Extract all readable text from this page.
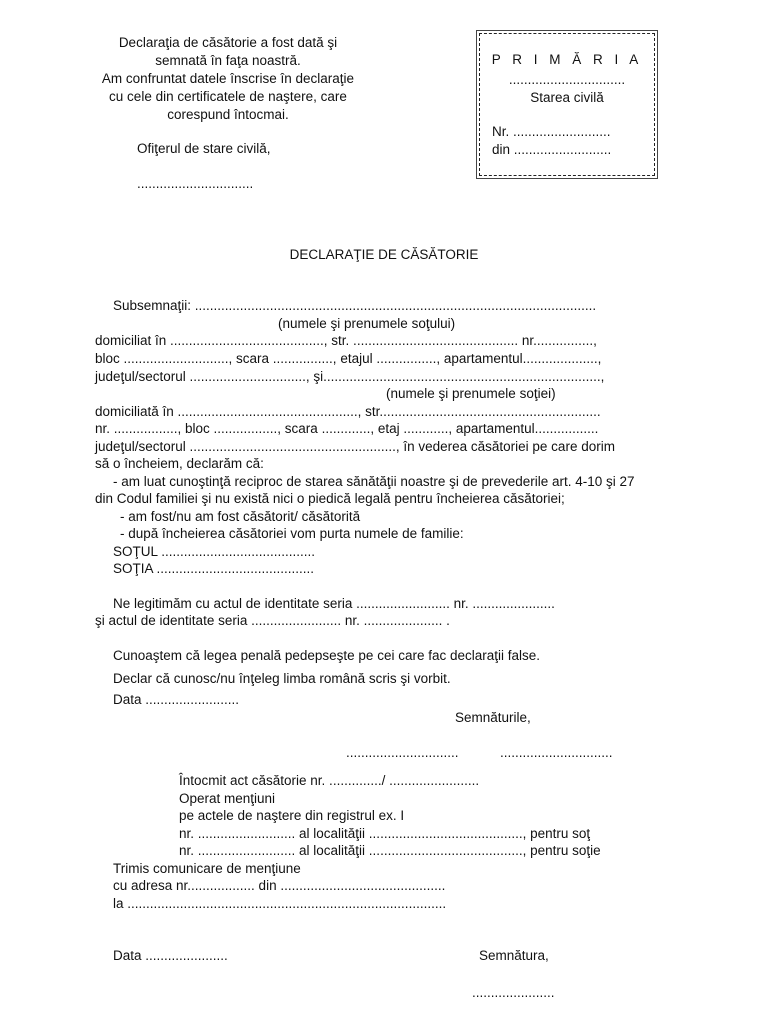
Declaraţia de căsătorie a fost dată şi
semnată în faţa noastră.
Am confruntat datele înscrise în declaraţie
cu cele din certificatele de naştere, care
corespund întocmai.
Ofiţerul de stare civilă,
...............................
P R I M Ă R I A
...............................
Starea civilă
Nr. ..........................
din ..........................
DECLARAŢIE DE CĂSĂTORIE
Subsemnaţii: ...........................................................................................................
(numele şi prenumele soţului)
domiciliat în ........................................., str. ............................................ nr................,
bloc ............................, scara ................, etajul ................, apartamentul....................,
judeţul/sectorul ..............................., şi..........................................................................,
(numele şi prenumele soţiei)
domiciliată în ................................................, str...........................................................
nr. ................., bloc ................., scara ............., etaj ............, apartamentul.................
judeţul/sectorul ......................................................., în vederea căsătoriei pe care dorim
să o încheiem, declarăm că:
- am luat cunoştinţă reciproc de starea sănătăţii noastre şi de prevederile art. 4-10 şi 27
din Codul familiei şi nu există nici o piedică legală pentru încheierea căsătoriei;
- am fost/nu am fost căsătorit/ căsătorită
- după încheierea căsătoriei vom purta numele de familie:
SOŢUL .........................................
SOŢIA ..........................................
Ne legitimăm cu actul de identitate seria ......................... nr. ......................
şi actul de identitate seria ........................ nr. ..................... .
Cunoaştem că legea penală pedepseşte pe cei care fac declaraţii false.
Declar că cunosc/nu înţeleg limba română scris şi vorbit.
Data .........................
Semnăturile,
..............................	..............................
Întocmit act căsătorie nr. ............../ ........................
Operat menţiuni
pe actele de naştere din registrul ex. I
nr. .......................... al localităţii ........................................., pentru soţ
nr. .......................... al localităţii ........................................., pentru soţie
Trimis comunicare de menţiune
cu adresa nr.................. din ............................................
la .....................................................................................
Data ......................	Semnătura,
......................
